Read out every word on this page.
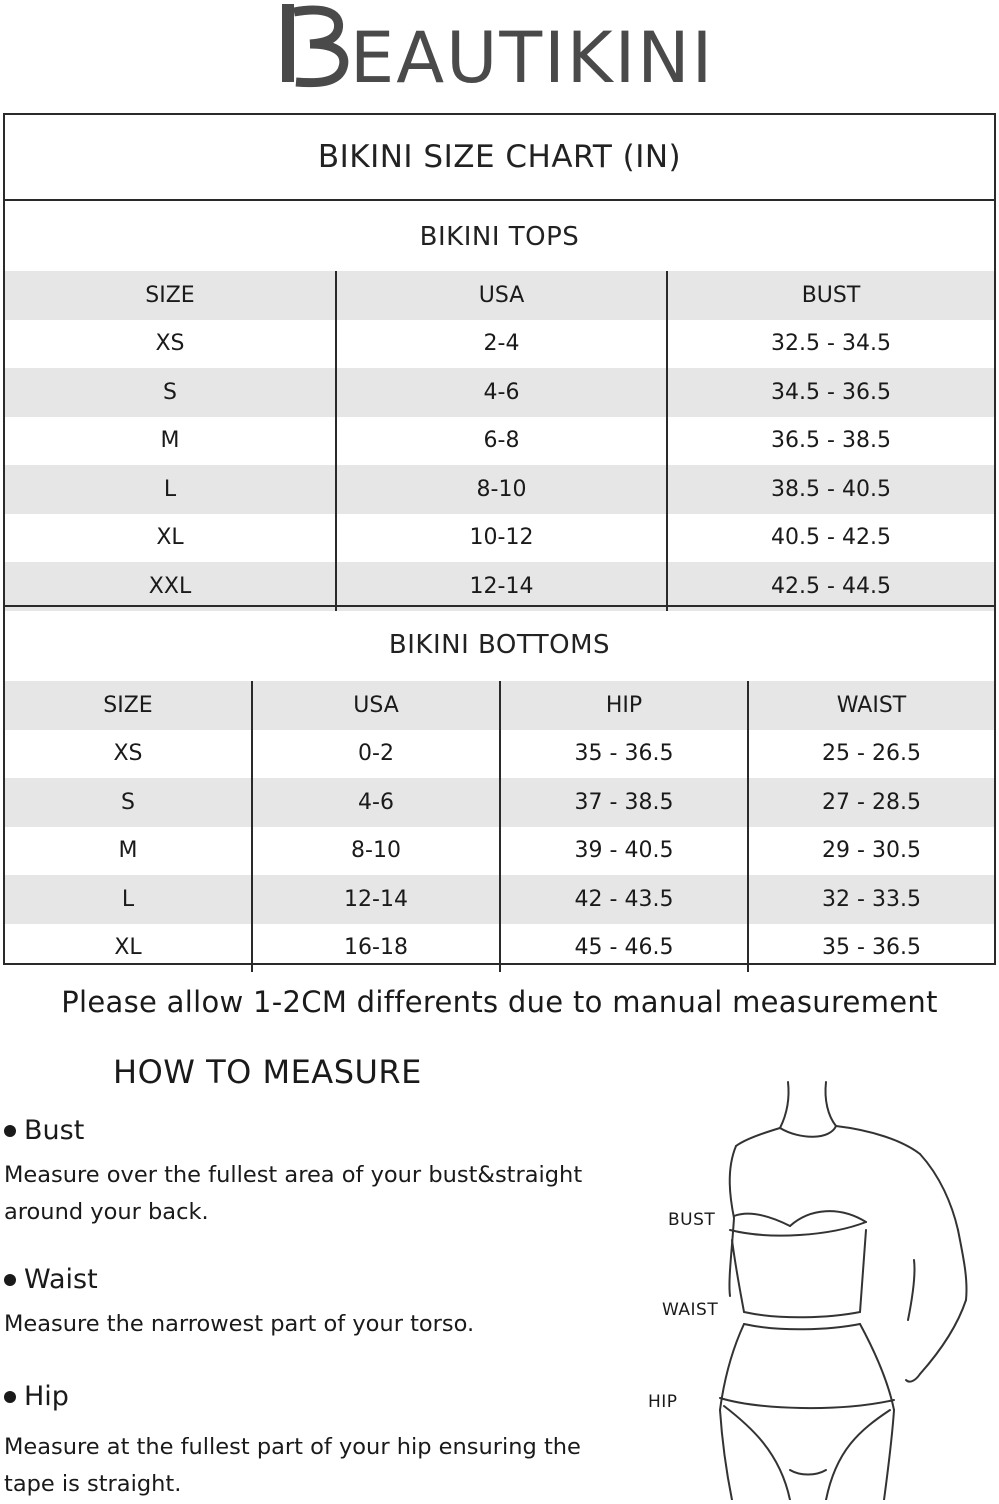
EAUTIKINI
BIKINI SIZE CHART (IN)
BIKINI TOPS
SIZE	USA	BUST
XS	2-4	32.5 - 34.5
S	4-6	34.5 - 36.5
M	6-8	36.5 - 38.5
L	8-10	38.5 - 40.5
XL	10-12	40.5 - 42.5
XXL	12-14	42.5 - 44.5
BIKINI BOTTOMS
SIZE	USA	HIP	WAIST
XS	0-2	35 - 36.5	25 - 26.5
S	4-6	37 - 38.5	27 - 28.5
M	8-10	39 - 40.5	29 - 30.5
L	12-14	42 - 43.5	32 - 33.5
XL	16-18	45 - 46.5	35 - 36.5
Please allow 1-2CM differents due to manual measurement
HOW TO MEASURE
Bust
Measure over the fullest area of your bust&straight
around your back.
Waist
Measure the narrowest part of your torso.
Hip
Measure at the fullest part of your hip ensuring the
tape is straight.
BUST
WAIST
HIP
